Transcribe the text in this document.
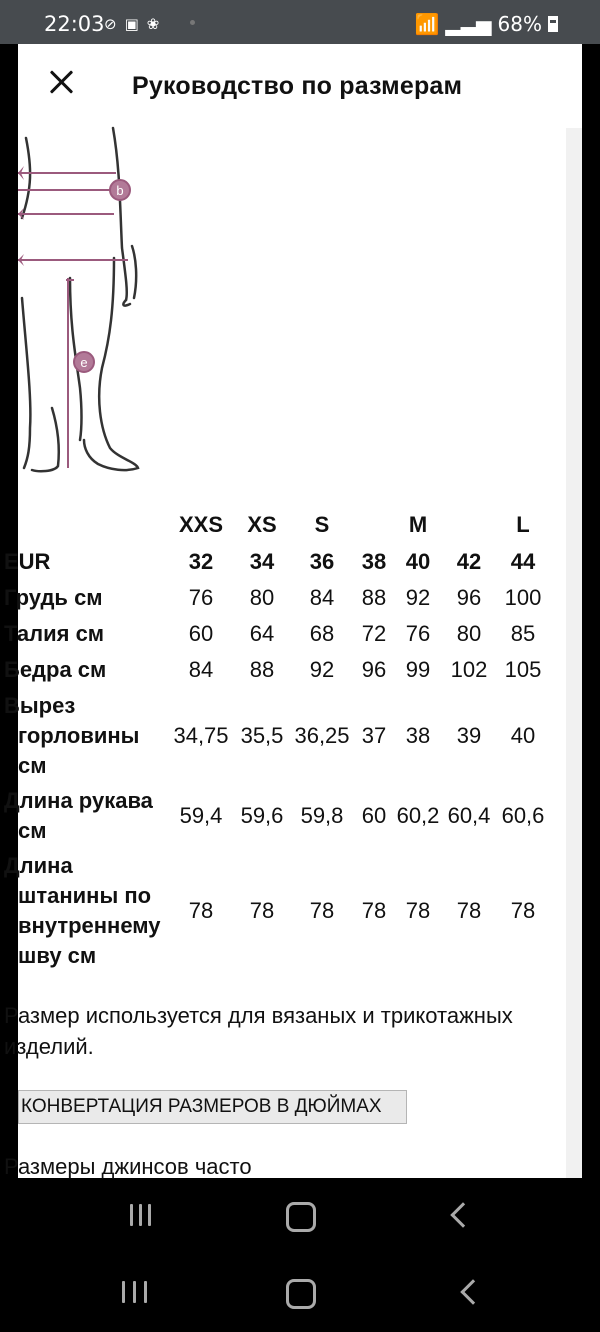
22:03 ⊘ ▣ ❀	📶 ▂▃▅ 68%
Руководство по размерам
b
e
	XXS	XS	S		M		L
EUR	32	34	36	38	40	42	44
Грудь см	76	80	84	88	92	96	100
Талия см	60	64	68	72	76	80	85
Бедра см	84	88	92	96	99	102	105
Вырез горловины см	34,75	35,5	36,25	37	38	39	40
Длина рукава см	59,4	59,6	59,8	60	60,2	60,4	60,6
Длина штанины по внутреннему шву см	78	78	78	78	78	78	78
Размер используется для вязаных и трикотажных изделий.
КОНВЕРТАЦИЯ РАЗМЕРОВ В ДЮЙМАХ
Размеры джинсов часто
